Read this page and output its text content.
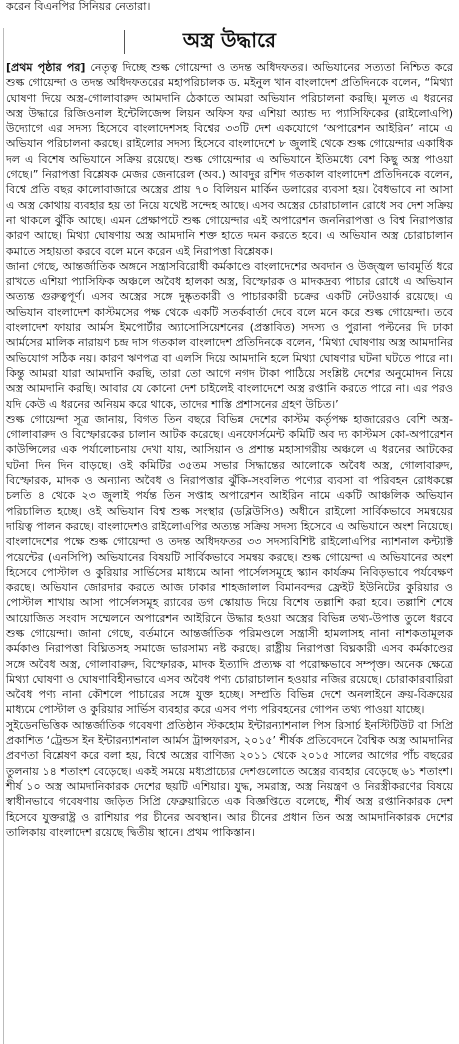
করেন বিএনপির সিনিয়র নেতারা।
অস্ত্র উদ্ধারে

[প্রথম পৃষ্ঠার পর] নেতৃত্ব দিচ্ছে শুল্ক গোয়েন্দা ও তদন্ত অধিদফতর। অভিযানের সত্যতা নিশ্চিত করে শুল্ক গোয়েন্দা ও তদন্ত অধিদফতরের মহাপরিচালক ড. মইনুল খান বাংলাদেশ প্রতিদিনকে বলেন, “মিথ্যা ঘোষণা দিয়ে অস্ত্র-গোলাবারুদ আমদানি ঠেকাতে আমরা অভিযান পরিচালনা করছি। মূলত এ ধরনের অস্ত্র উদ্ধারে রিজিওনাল ইন্টেলিজেন্স লিয়ন অফিস ফর এশিয়া অ্যান্ড দ্য প্যাসিফিকের (রাইলোএপি) উদ্যোগে এর সদস্য হিসেবে বাংলাদেশসহ বিশ্বের ৩৩টি দেশ একযোগে ‘অপারেশন আইরিন’ নামে এ অভিযান পরিচালনা করছে। রাইলোর সদস্য হিসেবে বাংলাদেশে ৮ জুলাই থেকে শুল্ক গোয়েন্দার একাধিক দল এ বিশেষ অভিযানে সক্রিয় রয়েছে। শুল্ক গোয়েন্দার এ অভিযানে ইতিমধ্যে বেশ কিছু অস্ত্র পাওয়া গেছে।” নিরাপত্তা বিশ্লেষক মেজর জেনারেল (অব.) আবদুর রশিদ গতকাল বাংলাদেশ প্রতিদিনকে বলেন, বিশ্বে প্রতি বছর কালোবাজারে অস্ত্রের প্রায় ৭০ বিলিয়ন মার্কিন ডলারের ব্যবসা হয়। বৈধভাবে না আসা এ অস্ত্র কোথায় ব্যবহার হয় তা নিয়ে যথেষ্ট সন্দেহ আছে। এসব অস্ত্রের চোরাচালান রোধে সব দেশ সক্রিয় না থাকলে ঝুঁকি আছে। এমন প্রেক্ষাপটে শুল্ক গোয়েন্দার এই অপারেশন জননিরাপত্তা ও বিশ্ব নিরাপত্তার কারণ আছে। মিথ্যা ঘোষণায় অস্ত্র আমদানি শক্ত হাতে দমন করতে হবে। এ অভিযান অস্ত্র চোরাচালান কমাতে সহায়তা করবে বলে মনে করেন এই নিরাপত্তা বিশ্লেষক।

জানা গেছে, আন্তর্জাতিক অঙ্গনে সন্ত্রাসবিরোধী কর্মকাণ্ডে বাংলাদেশের অবদান ও উজ্জ্বল ভাবমূর্তি ধরে রাখতে এশিয়া প্যাসিফিক অঞ্চলে অবৈধ হালকা অস্ত্র, বিস্ফোরক ও মাদকদ্রব্য পাচার রোধে এ অভিযান অত্যন্ত গুরুত্বপূর্ণ। এসব অস্ত্রের সঙ্গে দুষ্কৃতকারী ও পাচারকারী চক্রের একটি নেটওয়ার্ক রয়েছে। এ অভিযান বাংলাদেশ কাস্টমসের পক্ষ থেকে একটি সতর্কবার্তা দেবে বলে মনে করে শুল্ক গোয়েন্দা। তবে বাংলাদেশ ফায়ার আর্মস ইমপোর্টার অ্যাসোসিয়েশনের (প্রস্তাবিত) সদস্য ও পুরানা পল্টনের দি ঢাকা আর্মসের মালিক নারায়ণ চন্দ্র দাস গতকাল বাংলাদেশ প্রতিদিনকে বলেন, ‘মিথ্যা ঘোষণায় অস্ত্র আমদানির অভিযোগ সঠিক নয়। কারণ ঋণপত্র বা এলসি দিয়ে আমদানি হলে মিথ্যা ঘোষণার ঘটনা ঘটতে পারে না। কিন্তু আমরা যারা আমদানি করছি, তারা তো আগে নগদ টাকা পাঠিয়ে সংশ্লিষ্ট দেশের অনুমোদন নিয়ে অস্ত্র আমদানি করছি। আবার যে কোনো দেশ চাইলেই বাংলাদেশে অস্ত্র রপ্তানি করতে পারে না। এর পরও যদি কেউ এ ধরনের অনিয়ম করে থাকে, তাদের শাস্তি প্রশাসনের গ্রহণ উচিত।’

শুল্ক গোয়েন্দা সূত্র জানায়, বিগত তিন বছরে বিভিন্ন দেশের কাস্টম কর্তৃপক্ষ হাজারেরও বেশি অস্ত্র-গোলাবারুদ ও বিস্ফোরকের চালান আটক করেছে। এনফোর্সমেন্ট কমিটি অব দ্য কাস্টমস কো-অপারেশন কাউন্সিলের এক পর্যালোচনায় দেখা যায়, আসিয়ান ও প্রশান্ত মহাসাগরীয় অঞ্চলে এ ধরনের আটকের ঘটনা দিন দিন বাড়ছে। ওই কমিটির ৩৫তম সভার সিদ্ধান্তের আলোকে অবৈধ অস্ত্র, গোলাবারুদ, বিস্ফোরক, মাদক ও অন্যান্য অবৈধ ও নিরাপত্তার ঝুঁকি-সংবলিত পণ্যের ব্যবসা বা পরিবহন রোধকল্পে চলতি ৪ থেকে ২৩ জুলাই পর্যন্ত তিন সপ্তাহ অপারেশন আইরিন নামে একটি আঞ্চলিক অভিযান পরিচালিত হচ্ছে। ওই অভিযান বিশ্ব শুল্ক সংস্থার (ডব্লিউসিও) অধীনে রাইলো সার্বিকভাবে সমন্বয়ের দায়িত্ব পালন করছে। বাংলাদেশও রাইলোএপির অত্যন্ত সক্রিয় সদস্য হিসেবে এ অভিযানে অংশ নিয়েছে। বাংলাদেশের পক্ষে শুল্ক গোয়েন্দা ও তদন্ত অধিদফতর ৩৩ সদস্যবিশিষ্ট রাইলোএপির ন্যাশনাল কন্ট্যাক্ট পয়েন্টের (এনসিপি) অভিযানের বিষয়টি সার্বিকভাবে সমন্বয় করছে। শুল্ক গোয়েন্দা এ অভিযানের অংশ হিসেবে পোস্টাল ও কুরিয়ার সার্ভিসের মাধ্যমে আনা পার্সেলসমূহে স্ক্যান কার্যক্রম নিবিড়ভাবে পর্যবেক্ষণ করছে। অভিযান জোরদার করতে আজ ঢাকার শাহজালাল বিমানবন্দর ফ্রেইট ইউনিটের কুরিয়ার ও পোস্টাল শাখায় আসা পার্সেলসমূহ র‌্যাবের ডগ স্কোয়াড দিয়ে বিশেষ তল্লাশি করা হবে। তল্লাশি শেষে আয়োজিত সংবাদ সম্মেলনে অপারেশন আইরিনে উদ্ধার হওয়া অস্ত্রের বিভিন্ন তথ্য-উপাত্ত তুলে ধরবে শুল্ক গোয়েন্দা। জানা গেছে, বর্তমানে আন্তর্জাতিক পরিমণ্ডলে সন্ত্রাসী হামলাসহ নানা নাশকতামূলক কর্মকাণ্ড নিরাপত্তা বিঘ্নিতসহ সমাজে ভারসাম্য নষ্ট করছে। রাষ্ট্রীয় নিরাপত্তা বিঘ্নকারী এসব কর্মকাণ্ডের সঙ্গে অবৈধ অস্ত্র, গোলাবারুদ, বিস্ফোরক, মাদক ইত্যাদি প্রত্যক্ষ বা পরোক্ষভাবে সম্পৃক্ত। অনেক ক্ষেত্রে মিথ্যা ঘোষণা ও ঘোষণাবিহীনভাবে এসব অবৈধ পণ্য চোরাচালান হওয়ার নজির রয়েছে। চোরাকারবারিরা অবৈধ পণ্য নানা কৌশলে পাচারের সঙ্গে যুক্ত হচ্ছে। সম্প্রতি বিভিন্ন দেশে অনলাইনে ক্রয়-বিক্রয়ের মাধ্যমে পোস্টাল ও কুরিয়ার সার্ভিস ব্যবহার করে এসব পণ্য পরিবহনের গোপন তথ্য পাওয়া যাচ্ছে।

সুইডেনভিত্তিক আন্তর্জাতিক গবেষণা প্রতিষ্ঠান স্টকহোম ইন্টারন্যাশনাল পিস রিসার্চ ইনস্টিটিউট বা সিপ্রি প্রকাশিত ‘ট্রেন্ডস ইন ইন্টারন্যাশনাল আর্মস ট্রান্সফারস, ২০১৫’ শীর্ষক প্রতিবেদনে বৈশ্বিক অস্ত্র আমদানির প্রবণতা বিশ্লেষণ করে বলা হয়, বিশ্বে অস্ত্রের বাণিজ্য ২০১১ থেকে ২০১৫ সালের আগের পাঁচ বছরের তুলনায় ১৪ শতাংশ বেড়েছে। একই সময়ে মধ্যপ্রাচ্যের দেশগুলোতে অস্ত্রের ব্যবহার বেড়েছে ৬১ শতাংশ। শীর্ষ ১০ অস্ত্র আমদানিকারক দেশের ছয়টি এশিয়ার। যুদ্ধ, সমরাস্ত্র, অস্ত্র নিয়ন্ত্রণ ও নিরস্ত্রীকরণের বিষয়ে স্বাধীনভাবে গবেষণায় জড়িত সিপ্রি ফেব্রুয়ারিতে এক বিজ্ঞপ্তিতে বলেছে, শীর্ষ অস্ত্র রপ্তানিকারক দেশ হিসেবে যুক্তরাষ্ট্র ও রাশিয়ার পর চীনের অবস্থান। আর চীনের প্রধান তিন অস্ত্র আমদানিকারক দেশের তালিকায় বাংলাদেশ রয়েছে দ্বিতীয় স্থানে। প্রথম পাকিস্তান।
